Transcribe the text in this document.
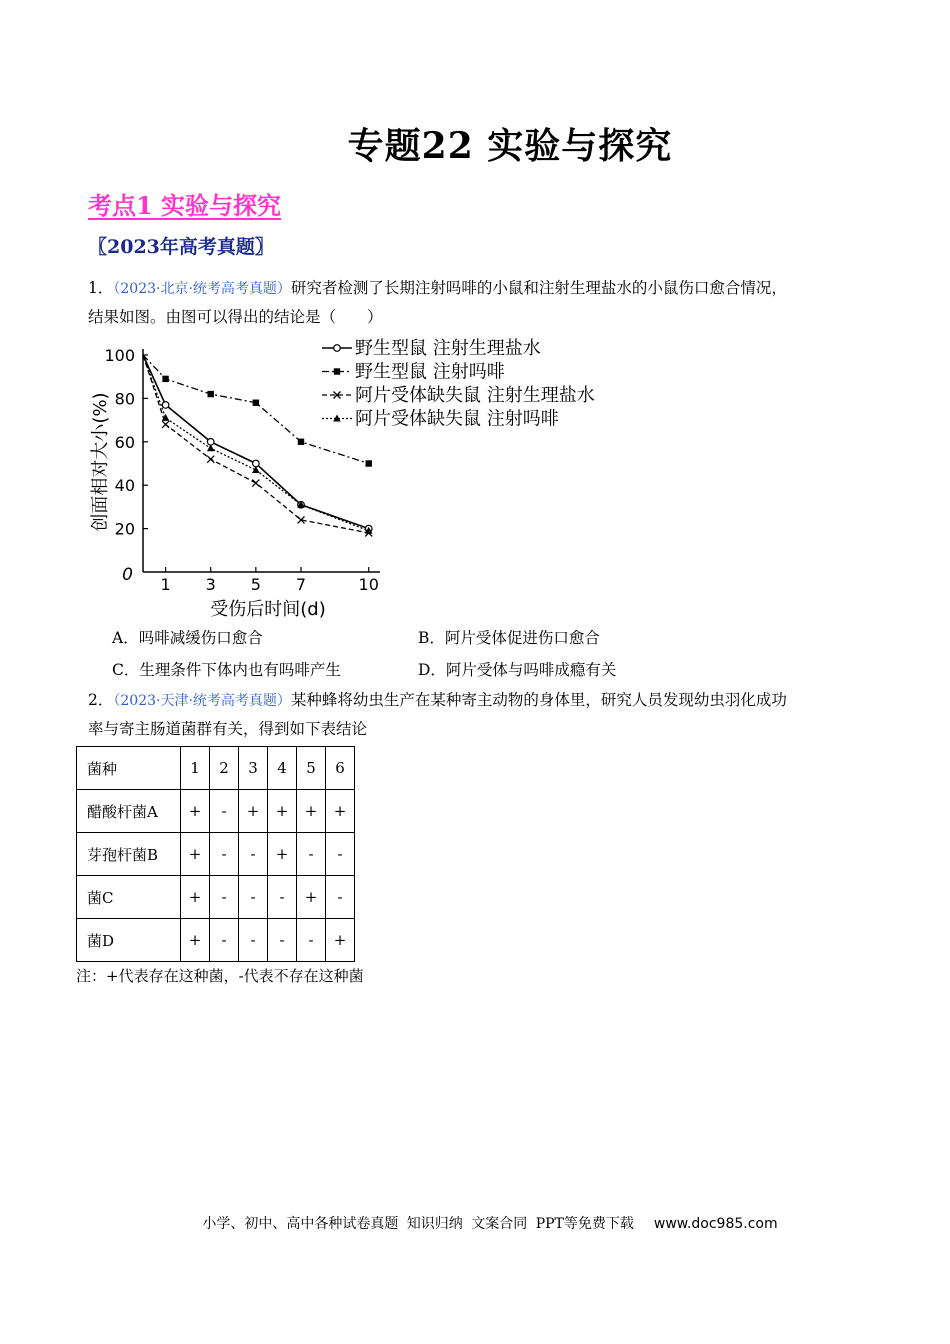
专题22 实验与探究
考点1 实验与探究
〖2023年高考真题〗
1．（2023·北京·统考高考真题）研究者检测了长期注射吗啡的小鼠和注射生理盐水的小鼠伤口愈合情况，
结果如图。由图可以得出的结论是（　　）
0
20
40
60
80
100
1 3 5 7	10
受伤后时间(d)
创面相对大小(%)
野生型鼠 注射生理盐水
野生型鼠 注射吗啡
阿片受体缺失鼠 注射生理盐水
阿片受体缺失鼠 注射吗啡
A．吗啡减缓伤口愈合	B．阿片受体促进伤口愈合
C．生理条件下体内也有吗啡产生	D．阿片受体与吗啡成瘾有关
2．（2023·天津·统考高考真题）某种蜂将幼虫生产在某种寄主动物的身体里，研究人员发现幼虫羽化成功
率与寄主肠道菌群有关，得到如下表结论
菌种	1	2	3	4	5	6
醋酸杆菌A	+	-	+	+	+	+
芽孢杆菌B	+	-	-	+	-	-
菌C	+	-	-	-	+	-
菌D	+	-	-	-	-	+
注：+代表存在这种菌，-代表不存在这种菌
小学、初中、高中各种试卷真题 知识归纳 文案合同 PPT等免费下载 www.doc985.com
